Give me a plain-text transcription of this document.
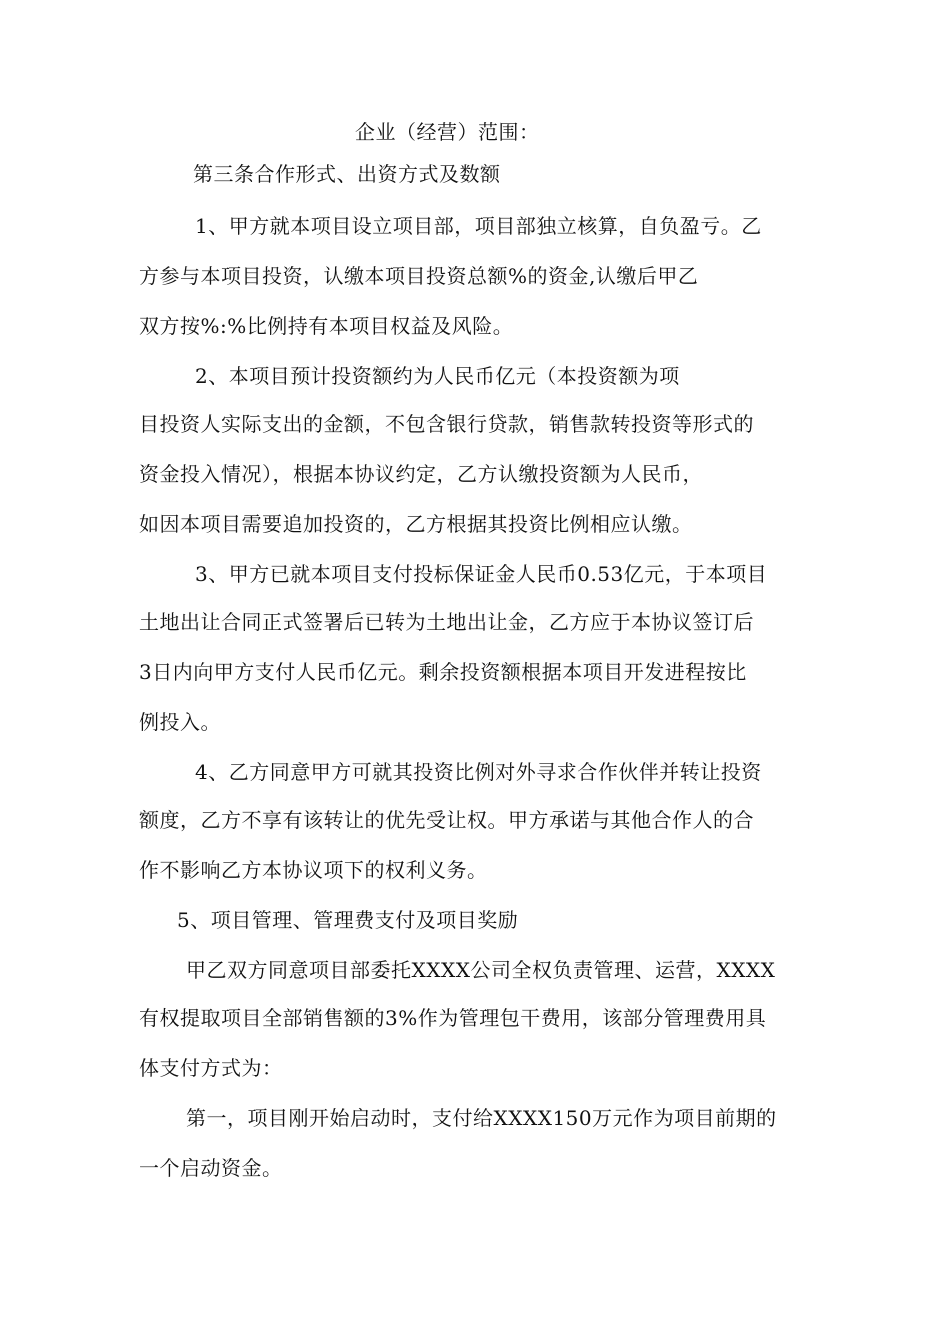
企业（经营）范围：
第三条合作形式、出资方式及数额
1、甲方就本项目设立项目部，项目部独立核算，自负盈亏。乙
方参与本项目投资，认缴本项目投资总额%的资金,认缴后甲乙
双方按%:%比例持有本项目权益及风险。
2、本项目预计投资额约为人民币亿元（本投资额为项
目投资人实际支出的金额，不包含银行贷款，销售款转投资等形式的
资金投入情况），根据本协议约定，乙方认缴投资额为人民币，
如因本项目需要追加投资的，乙方根据其投资比例相应认缴。
3、甲方已就本项目支付投标保证金人民币0.53亿元，于本项目
土地出让合同正式签署后已转为土地出让金，乙方应于本协议签订后
3日内向甲方支付人民币亿元。剩余投资额根据本项目开发进程按比
例投入。
4、乙方同意甲方可就其投资比例对外寻求合作伙伴并转让投资
额度，乙方不享有该转让的优先受让权。甲方承诺与其他合作人的合
作不影响乙方本协议项下的权利义务。
5、项目管理、管理费支付及项目奖励
甲乙双方同意项目部委托XXXX公司全权负责管理、运营，XXXX
有权提取项目全部销售额的3%作为管理包干费用，该部分管理费用具
体支付方式为：
第一，项目刚开始启动时，支付给XXXX150万元作为项目前期的
一个启动资金。
